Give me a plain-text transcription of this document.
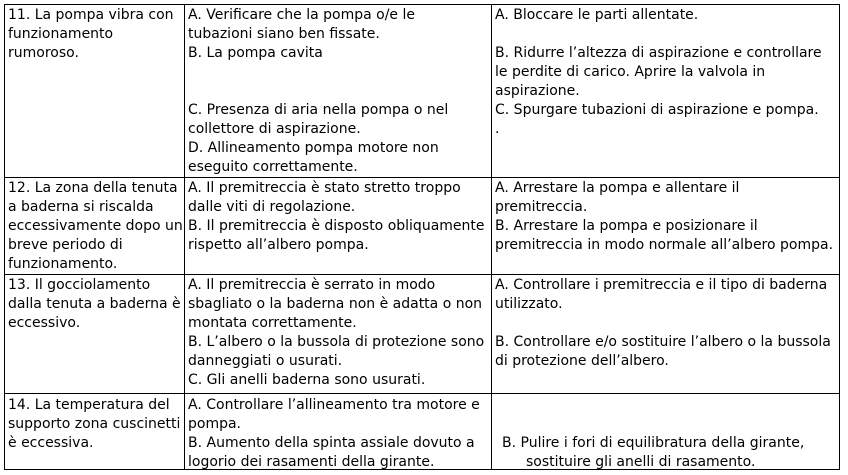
11. La pompa vibra con
funzionamento
rumoroso.
A. Verificare che la pompa o/e le
tubazioni siano ben fissate.
B. La pompa cavita
C. Presenza di aria nella pompa o nel
collettore di aspirazione.
D. Allineamento pompa motore non
eseguito correttamente.
A. Bloccare le parti allentate.
B. Ridurre l’altezza di aspirazione e controllare
le perdite di carico. Aprire la valvola in
aspirazione.
C. Spurgare tubazioni di aspirazione e pompa.
.
12. La zona della tenuta
a baderna si riscalda
eccessivamente dopo un
breve periodo di
funzionamento.
A. Il premitreccia è stato stretto troppo
dalle viti di regolazione.
B. Il premitreccia è disposto obliquamente
rispetto all’albero pompa.
A. Arrestare la pompa e allentare il
premitreccia.
B. Arrestare la pompa e posizionare il
premitreccia in modo normale all’albero pompa.
13. Il gocciolamento
dalla tenuta a baderna è
eccessivo.
A. Il premitreccia è serrato in modo
sbagliato o la baderna non è adatta o non
montata correttamente.
B. L’albero o la bussola di protezione sono
danneggiati o usurati.
C. Gli anelli baderna sono usurati.
A. Controllare i premitreccia e il tipo di baderna
utilizzato.
B. Controllare e/o sostituire l’albero o la bussola
di protezione dell’albero.
14. La temperatura del
supporto zona cuscinetti
è eccessiva.
A. Controllare l’allineamento tra motore e
pompa.
B. Aumento della spinta assiale dovuto a
logorio dei rasamenti della girante.
B. Pulire i fori di equilibratura della girante,
sostituire gli anelli di rasamento.
